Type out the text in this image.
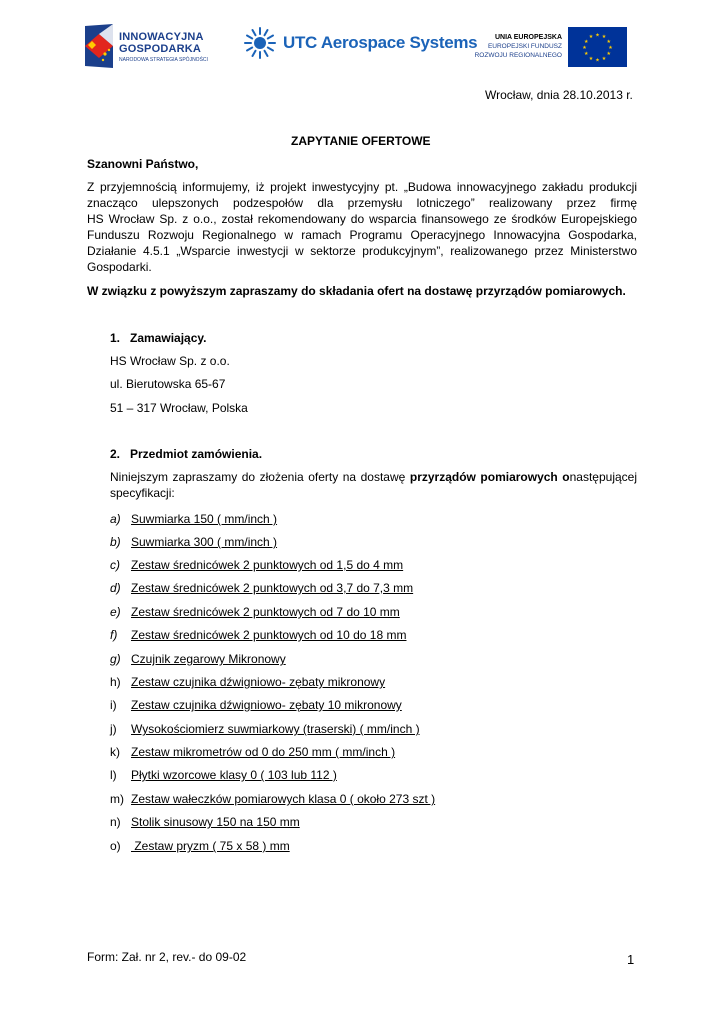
INNOWACYJNA
GOSPODARKA
NARODOWA STRATEGIA SPÓJNOŚCI
UTC Aerospace Systems	UNIA EUROPEJSKA
EUROPEJSKI FUNDUSZ
ROZWOJU REGIONALNEGO
★ ★
★
★
★
★
★
★
★
★
★
★
Wrocław, dnia 28.10.2013 r.
ZAPYTANIE OFERTOWE
Szanowni Państwo,
Z przyjemnością informujemy, iż projekt inwestycyjny pt. „Budowa innowacyjnego zakładu produkcji
znacząco ulepszonych podzespołów dla przemysłu lotniczego” realizowany przez firmę
HS Wrocław Sp. z o.o., został rekomendowany do wsparcia finansowego ze środków Europejskiego
Funduszu Rozwoju Regionalnego w ramach Programu Operacyjnego Innowacyjna Gospodarka,
Działanie 4.5.1 „Wsparcie inwestycji w sektorze produkcyjnym”, realizowanego przez Ministerstwo
Gospodarki.
W związku z powyższym zapraszamy do składania ofert na dostawę przyrządów pomiarowych.
1.   Zamawiający.
HS Wrocław Sp. z o.o.
ul. Bierutowska 65-67
51 – 317 Wrocław, Polska
2.   Przedmiot zamówienia.
Niniejszym zapraszamy do złożenia oferty na dostawę przyrządów pomiarowych onastępującej
specyfikacji:
a) Suwmiarka 150 ( mm/inch )
b) Suwmiarka 300 ( mm/inch )
c) Zestaw średnicówek 2 punktowych od 1,5 do 4 mm
d) Zestaw średnicówek 2 punktowych od 3,7 do 7,3 mm
e) Zestaw średnicówek 2 punktowych od 7 do 10 mm
f) Zestaw średnicówek 2 punktowych od 10 do 18 mm
g) Czujnik zegarowy Mikronowy
h) Zestaw czujnika dźwigniowo- zębaty mikronowy
i) Zestaw czujnika dźwigniowo- zębaty 10 mikronowy
j) Wysokościomierz suwmiarkowy (traserski) ( mm/inch )
k) Zestaw mikrometrów od 0 do 250 mm ( mm/inch )
l) Płytki wzorcowe klasy 0 ( 103 lub 112 )
m) Zestaw wałeczków pomiarowych klasa 0 ( około 273 szt )
n) Stolik sinusowy 150 na 150 mm
o) Zestaw pryzm ( 75 x 58 ) mm
Form: Zał. nr 2, rev.- do 09-02	1
